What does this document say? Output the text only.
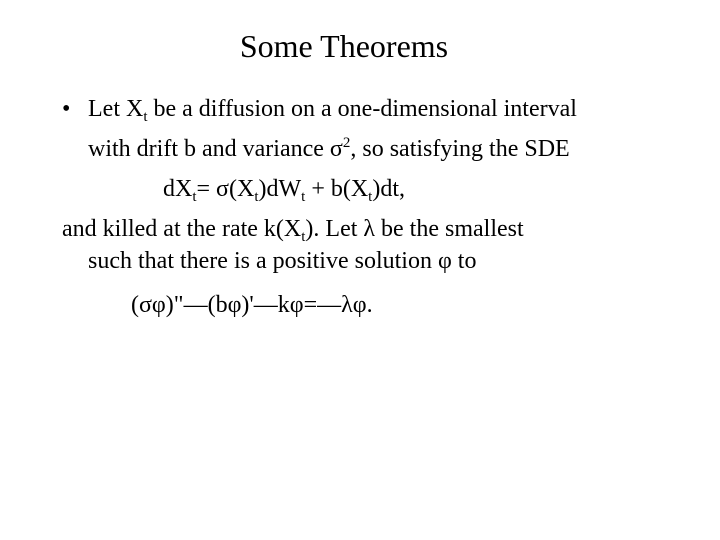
Some Theorems
• Let $X_t$ be a diffusion on a one-dimensional interval
with drift b and variance $\sigma^2$, so satisfying the SDE
$dX_t= \sigma(X_t)dW_t + b(X_t)dt$,
and killed at the rate $k(X_t)$. Let λ be the smallest
such that there is a positive solution φ to
(σφ)"—(bφ)'—kφ=—λφ.
